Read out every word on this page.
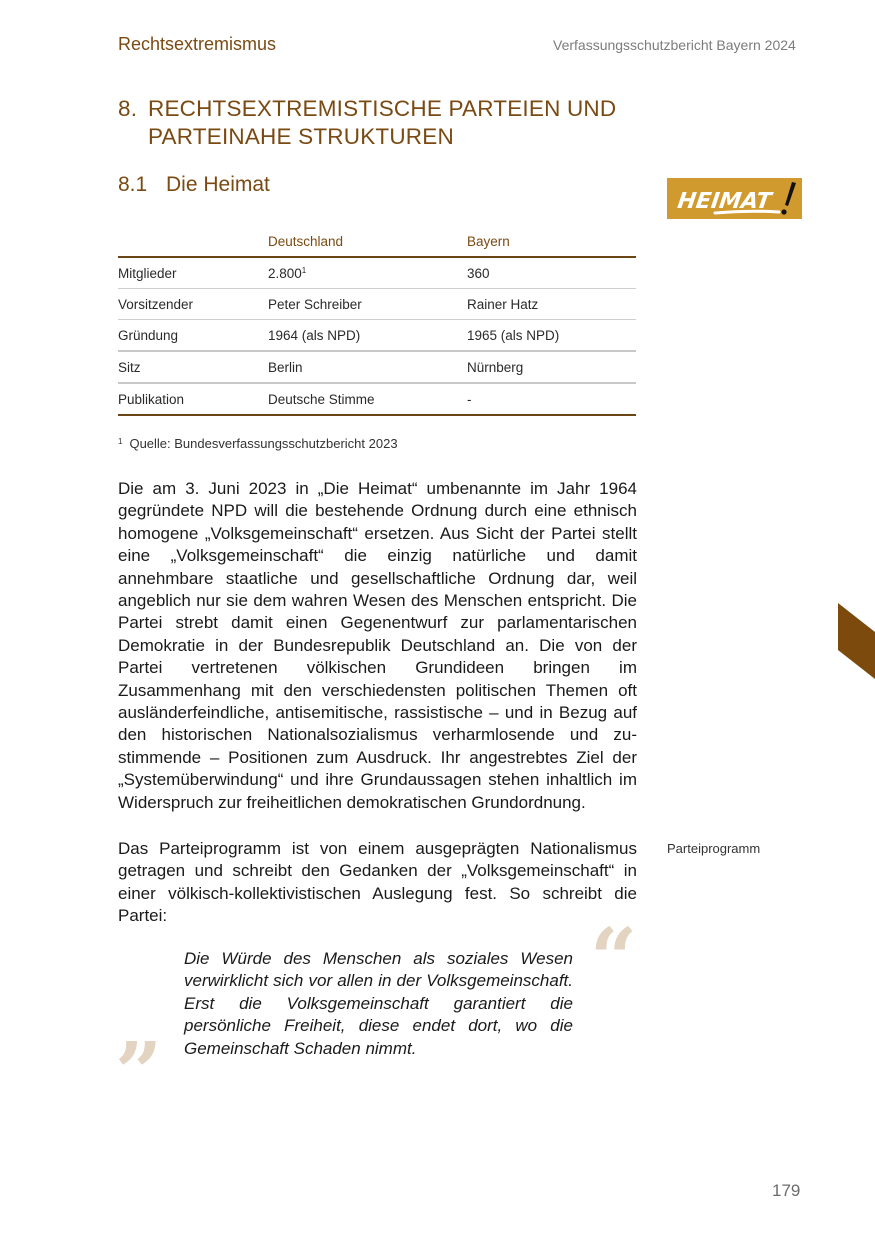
Rechtsextremismus	Verfassungsschutzbericht Bayern 2024
8. RECHTSEXTREMISTISCHE PARTEIEN UND
PARTEINAHE STRUKTUREN
8.1 Die Heimat
HEIMAT
	Deutschland	Bayern
Mitglieder	2.800$^1$	360
Vorsitzender	Peter Schreiber	Rainer Hatz
Gründung	1964 (als NPD)	1965 (als NPD)
Sitz	Berlin	Nürnberg
Publikation	Deutsche Stimme	-
$^1$ Quelle: Bundesverfassungsschutzbericht 2023

Die am 3. Juni 2023 in „Die Heimat“ umbenannte im Jahr 1964 gegründete NPD will die bestehende Ordnung durch eine ethnisch homogene „Volksgemeinschaft“ ersetzen. Aus Sicht der Partei stellt eine „Volksgemeinschaft“ die einzig natürliche und damit annehmbare staatliche und gesellschaftliche Ordnung dar, weil angeblich nur sie dem wahren Wesen des Menschen entspricht. Die Partei strebt damit einen Gegenentwurf zur parlamentarischen Demokratie in der Bundesrepublik Deutschland an. Die von der Partei vertretenen völkischen Grundideen bringen im Zusammenhang mit den verschiedensten politischen Themen oft ausländerfeindliche, antisemitische, rassistische – und in Bezug auf den historischen Nationalsozialismus verharmlosende und zustimmende – Positionen zum Ausdruck. Ihr angestrebtes Ziel der „Systemüberwindung“ und ihre Grundaussagen stehen inhaltlich im Widerspruch zur freiheitlichen demokratischen Grundordnung.

Das Parteiprogramm ist von einem ausgeprägten Nationalismus getragen und schreibt den Gedanken der „Volksgemeinschaft“ in einer völkisch-kollektivistischen Auslegung fest. So schreibt die Partei:

Parteiprogramm
“

Die Würde des Menschen als soziales Wesen verwirklicht sich vor allen in der Volksgemeinschaft. Erst die Volksgemeinschaft garantiert die persönliche Freiheit, diese endet dort, wo die Gemeinschaft Schaden nimmt.

”
179
